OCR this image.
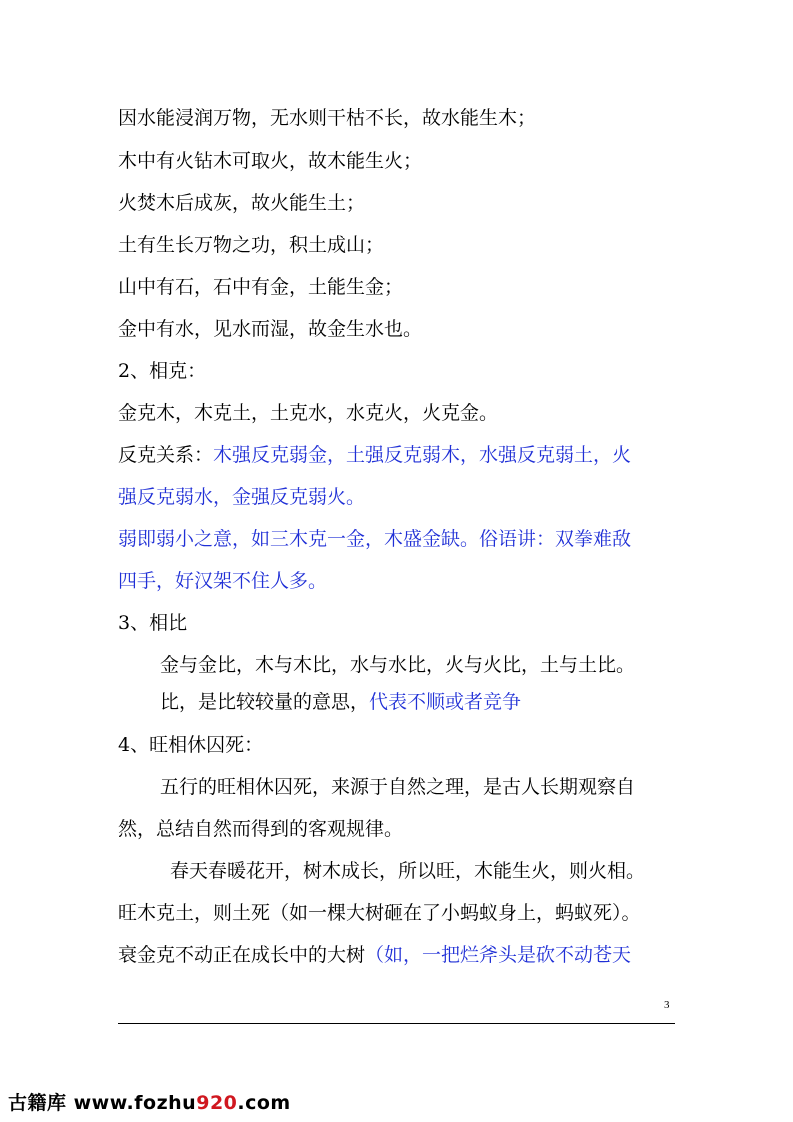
因水能浸润万物，无水则干枯不长，故水能生木；
木中有火钻木可取火，故木能生火；
火焚木后成灰，故火能生土；
土有生长万物之功，积土成山；
山中有石，石中有金，土能生金；
金中有水，见水而湿，故金生水也。
2、相克：
金克木，木克土，土克水，水克火，火克金。
反克关系：木强反克弱金，土强反克弱木，水强反克弱土，火
强反克弱水，金强反克弱火。
弱即弱小之意，如三木克一金，木盛金缺。俗语讲：双拳难敌
四手，好汉架不住人多。
3、相比
金与金比，木与木比，水与水比，火与火比，土与土比。
比，是比较较量的意思，代表不顺或者竞争
4、旺相休囚死：
五行的旺相休囚死，来源于自然之理，是古人长期观察自
然，总结自然而得到的客观规律。
春天春暖花开，树木成长，所以旺，木能生火，则火相。
旺木克土，则土死（如一棵大树砸在了小蚂蚁身上，蚂蚁死）。
衰金克不动正在成长中的大树（如，一把烂斧头是砍不动苍天
3
古籍库 www.fozhu920.com
